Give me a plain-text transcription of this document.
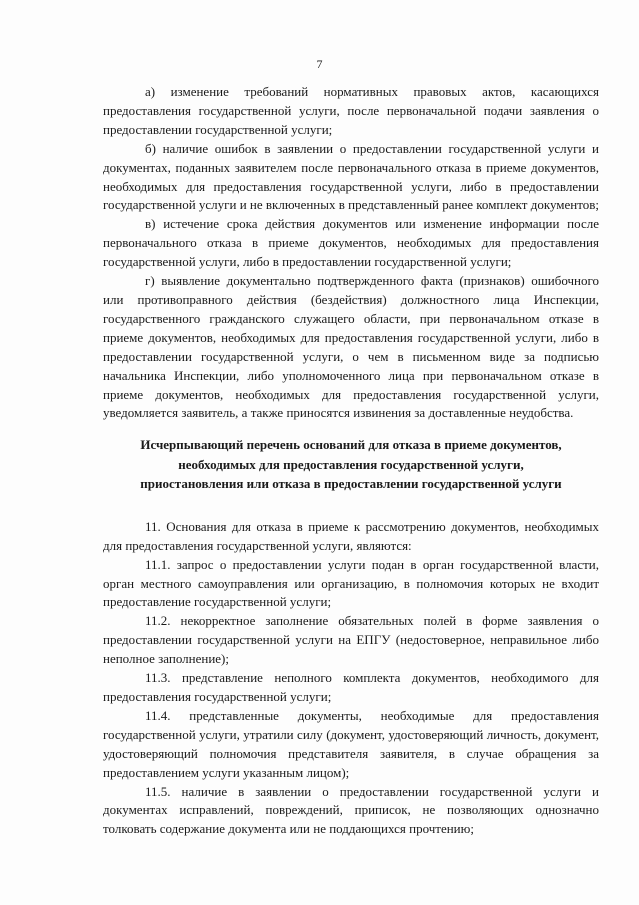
7

а) изменение требований нормативных правовых актов, касающихся предоставления государственной услуги, после первоначальной подачи заявления о предоставлении государственной услуги;

б) наличие ошибок в заявлении о предоставлении государственной услуги и документах, поданных заявителем после первоначального отказа в приеме документов, необходимых для предоставления государственной услуги, либо в предоставлении государственной услуги и не включенных в представленный ранее комплект документов;

в) истечение срока действия документов или изменение информации после первоначального отказа в приеме документов, необходимых для предоставления государственной услуги, либо в предоставлении государственной услуги;

г) выявление документально подтвержденного факта (признаков) ошибочного или противоправного действия (бездействия) должностного лица Инспекции, государственного гражданского служащего области, при первоначальном отказе в приеме документов, необходимых для предоставления государственной услуги, либо в предоставлении государственной услуги, о чем в письменном виде за подписью начальника Инспекции, либо уполномоченного лица при первоначальном отказе в приеме документов, необходимых для предоставления государственной услуги, уведомляется заявитель, а также приносятся извинения за доставленные неудобства.

Исчерпывающий перечень оснований для отказа в приеме документов, необходимых для предоставления государственной услуги, приостановления или отказа в предоставлении государственной услуги

11. Основания для отказа в приеме к рассмотрению документов, необходимых для предоставления государственной услуги, являются:

11.1. запрос о предоставлении услуги подан в орган государственной власти, орган местного самоуправления или организацию, в полномочия которых не входит предоставление государственной услуги;

11.2. некорректное заполнение обязательных полей в форме заявления о предоставлении государственной услуги на ЕПГУ (недостоверное, неправильное либо неполное заполнение);

11.3. представление неполного комплекта документов, необходимого для предоставления государственной услуги;

11.4. представленные документы, необходимые для предоставления государственной услуги, утратили силу (документ, удостоверяющий личность, документ, удостоверяющий полномочия представителя заявителя, в случае обращения за предоставлением услуги указанным лицом);

11.5. наличие в заявлении о предоставлении государственной услуги и документах исправлений, повреждений, приписок, не позволяющих однозначно толковать содержание документа или не поддающихся прочтению;
